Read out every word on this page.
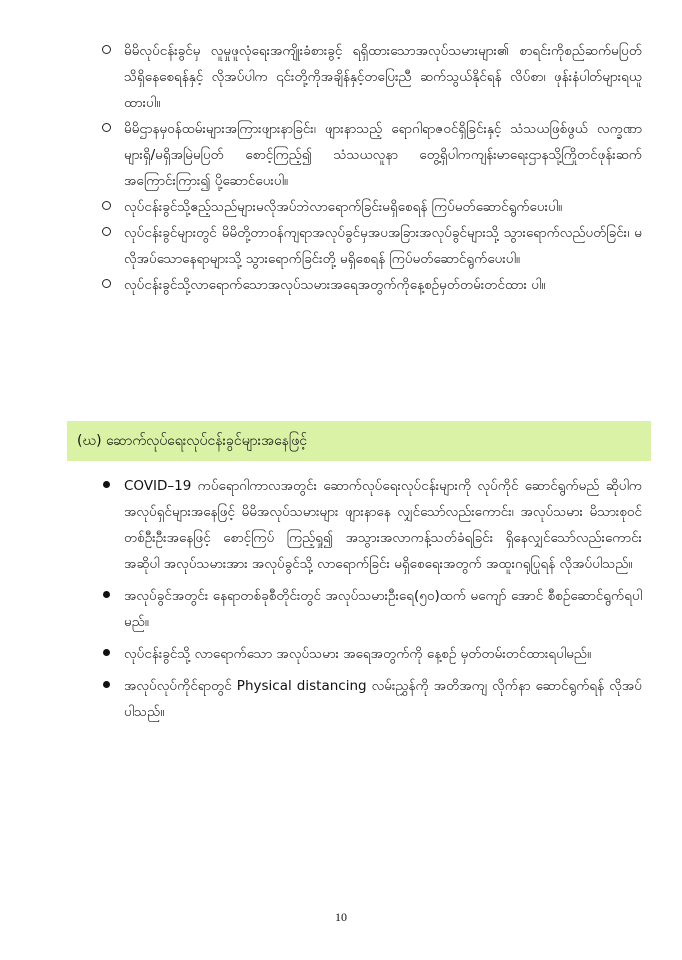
မိမိလုပ်ငန်းခွင်မှ လူမှုဖူလုံရေးအကျိုးခံစားခွင့် ရရှိထားသောအလုပ်သမားများ၏ စာရင်းကိုစည်ဆက်မပြတ်သိရှိနေစေရန်နှင့် လိုအပ်ပါက ၎င်းတို့ကိုအချိန်နှင့်တပြေးညီ ဆက်သွယ်နိုင်ရန် လိပ်စာ၊ ဖုန်းနံပါတ်များရယူထားပါ။
မိမိဌာနမှဝန်ထမ်းများအကြားဖျားနာခြင်း၊ ဖျားနာသည့် ရောဂါရာဇဝင်ရှိခြင်းနှင့် သံသယဖြစ်ဖွယ် လက္ခဏာများရှိ/မရှိအမြဲမပြတ် စောင့်ကြည့်၍ သံသယလူနာ တွေ့ရှိပါကကျန်းမာရေးဌာနသို့ကြိုတင်ဖုန်းဆက်အကြောင်းကြား၍ ပို့ဆောင်ပေးပါ။
လုပ်ငန်းခွင်သို့ဧည့်သည်များမလိုအပ်ဘဲလာရောက်ခြင်းမရှိစေရန် ကြပ်မတ်ဆောင်ရွက်ပေးပါ။
လုပ်ငန်းခွင်များတွင် မိမိတို့တာဝန်ကျရာအလုပ်ခွင်မှအပအခြားအလုပ်ခွင်များသို့ သွားရောက်လည်ပတ်ခြင်း၊ မလိုအပ်သောနေရာများသို့ သွားရောက်ခြင်းတို့ မရှိစေရန် ကြပ်မတ်ဆောင်ရွက်ပေးပါ။
လုပ်ငန်းခွင်သို့လာရောက်သောအလုပ်သမားအရေအတွက်ကိုနေ့စဉ်မှတ်တမ်းတင်ထား ပါ။
(ဃ) ဆောက်လုပ်ရေးလုပ်ငန်းခွင်များအနေဖြင့်
COVID–19 ကပ်ရောဂါကာလအတွင်း ဆောက်လုပ်ရေးလုပ်ငန်းများကို လုပ်ကိုင် ဆောင်ရွက်မည် ဆိုပါက အလုပ်ရှင်များအနေဖြင့် မိမိအလုပ်သမားများ ဖျားနာနေ လျှင်သော်လည်းကောင်း၊ အလုပ်သမား မိသားစုဝင် တစ်ဦးဦးအနေဖြင့် စောင့်ကြပ် ကြည့်ရှု၍ အသွားအလာကန့်သတ်ခံရခြင်း ရှိနေလျှင်သော်လည်းကောင်း အဆိုပါ အလုပ်သမားအား အလုပ်ခွင်သို့ လာရောက်ခြင်း မရှိစေရေးအတွက် အထူးဂရုပြုရန် လိုအပ်ပါသည်။
အလုပ်ခွင်အတွင်း နေရာတစ်ခုစီတိုင်းတွင် အလုပ်သမားဦးရေ(၅၀)ထက် မကျော် အောင် စီစဉ်ဆောင်ရွက်ရပါမည်။
လုပ်ငန်းခွင်သို့ လာရောက်သော အလုပ်သမား အရေအတွက်ကို နေ့စဉ် မှတ်တမ်းတင်ထားရပါမည်။
အလုပ်လုပ်ကိုင်ရာတွင် Physical distancing လမ်းညွှန်ကို အတိအကျ လိုက်နာ ဆောင်ရွက်ရန် လိုအပ်ပါသည်။
10
